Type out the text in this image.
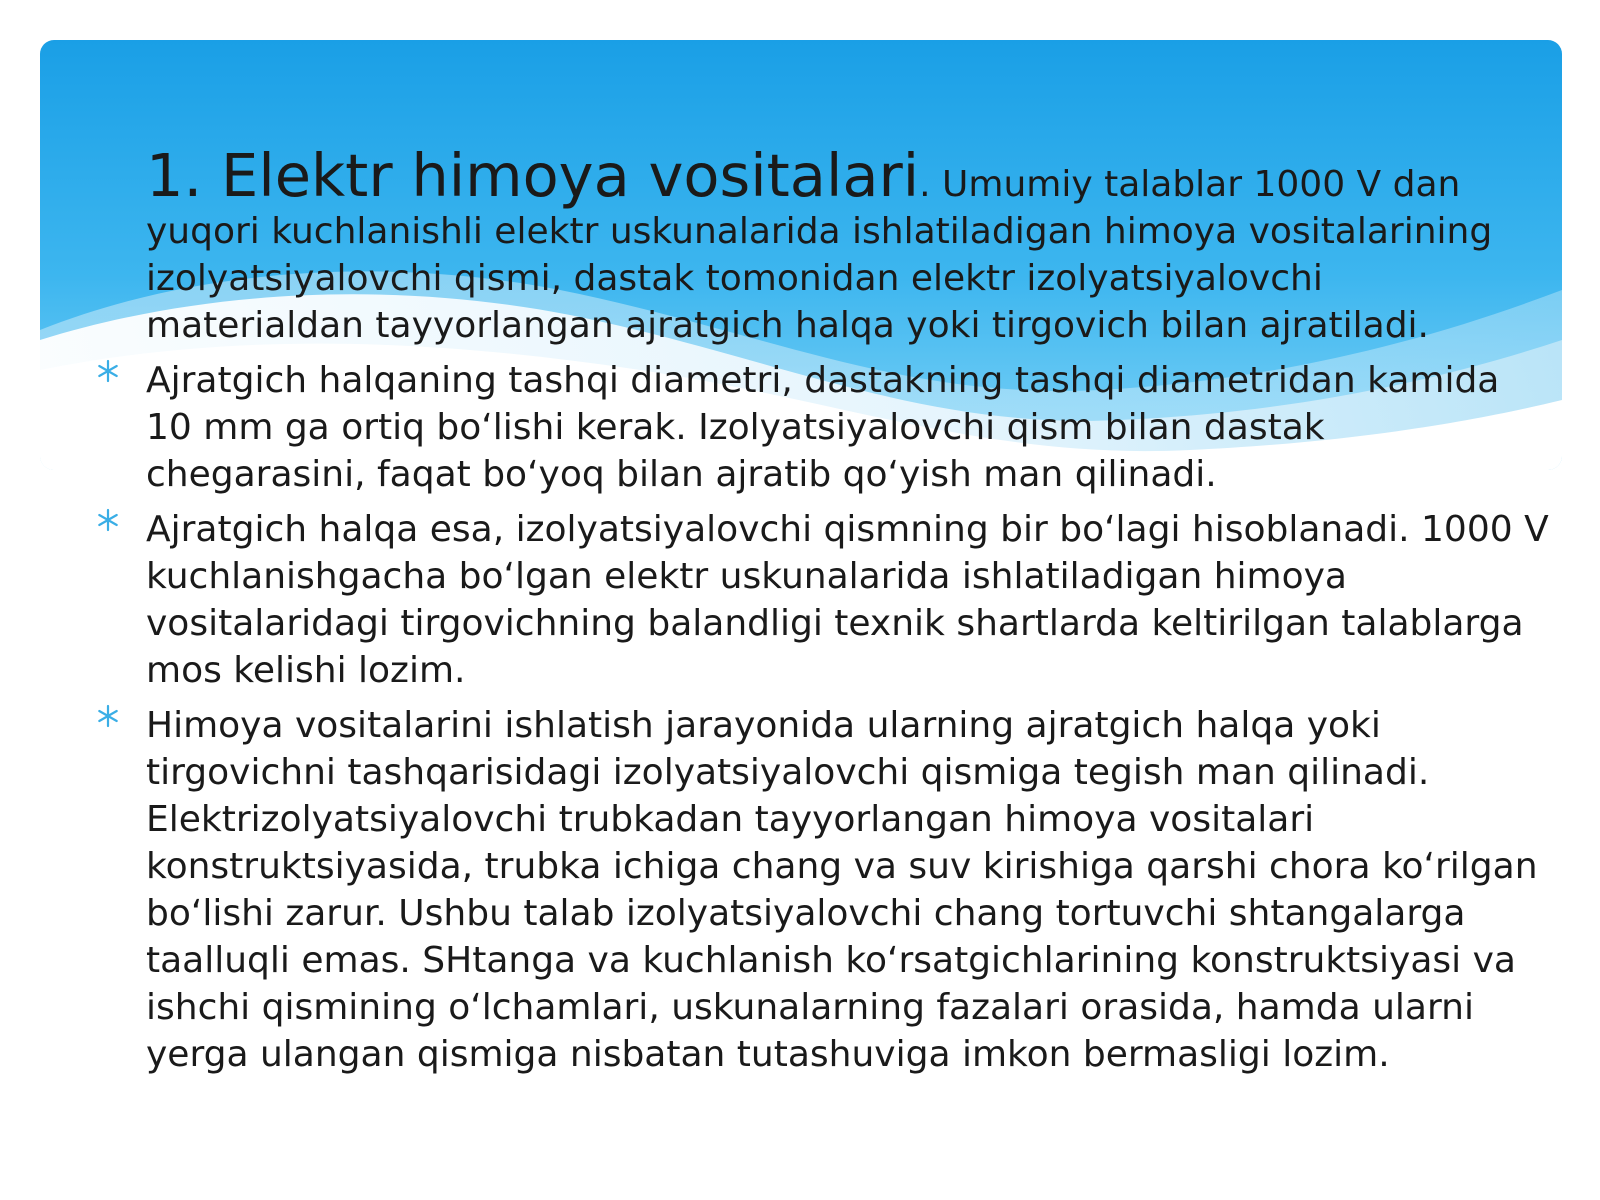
1. Elektr himoya vositalari. Umumiy talablar 1000 V dan yuqori kuchlanishli elektr uskunalarida ishlatiladigan himoya vositalarining izolyatsiyalovchi qismi, dastak tomonidan elektr izolyatsiyalovchi materialdan tayyorlangan ajratgich halqa yoki tirgovich bilan ajratiladi.

Ajratgich halqaning tashqi diametri, dastakning tashqi diametridan kamida 10 mm ga ortiq bo‘lishi kerak. Izolyatsiyalovchi qism bilan dastak chegarasini, faqat bo‘yoq bilan ajratib qo‘yish man qilinadi.

Ajratgich halqa esa, izolyatsiyalovchi qismning bir bo‘lagi hisoblanadi. 1000 V kuchlanishgacha bo‘lgan elektr uskunalarida ishlatiladigan himoya vositalaridagi tirgovichning balandligi texnik shartlarda keltirilgan talablarga mos kelishi lozim.

Himoya vositalarini ishlatish jarayonida ularning ajratgich halqa yoki tirgovichni tashqarisidagi izolyatsiyalovchi qismiga tegish man qilinadi. Elektrizolyatsiyalovchi trubkadan tayyorlangan himoya vositalari konstruktsiyasida, trubka ichiga chang va suv kirishiga qarshi chora ko‘rilgan bo‘lishi zarur. Ushbu talab izolyatsiyalovchi chang tortuvchi shtangalarga taalluqli emas. SHtanga va kuchlanish ko‘rsatgichlarining konstruktsiyasi va ishchi qismining o‘lchamlari, uskunalarning fazalari orasida, hamda ularni yerga ulangan qismiga nisbatan tutashuviga imkon bermasligi lozim.
